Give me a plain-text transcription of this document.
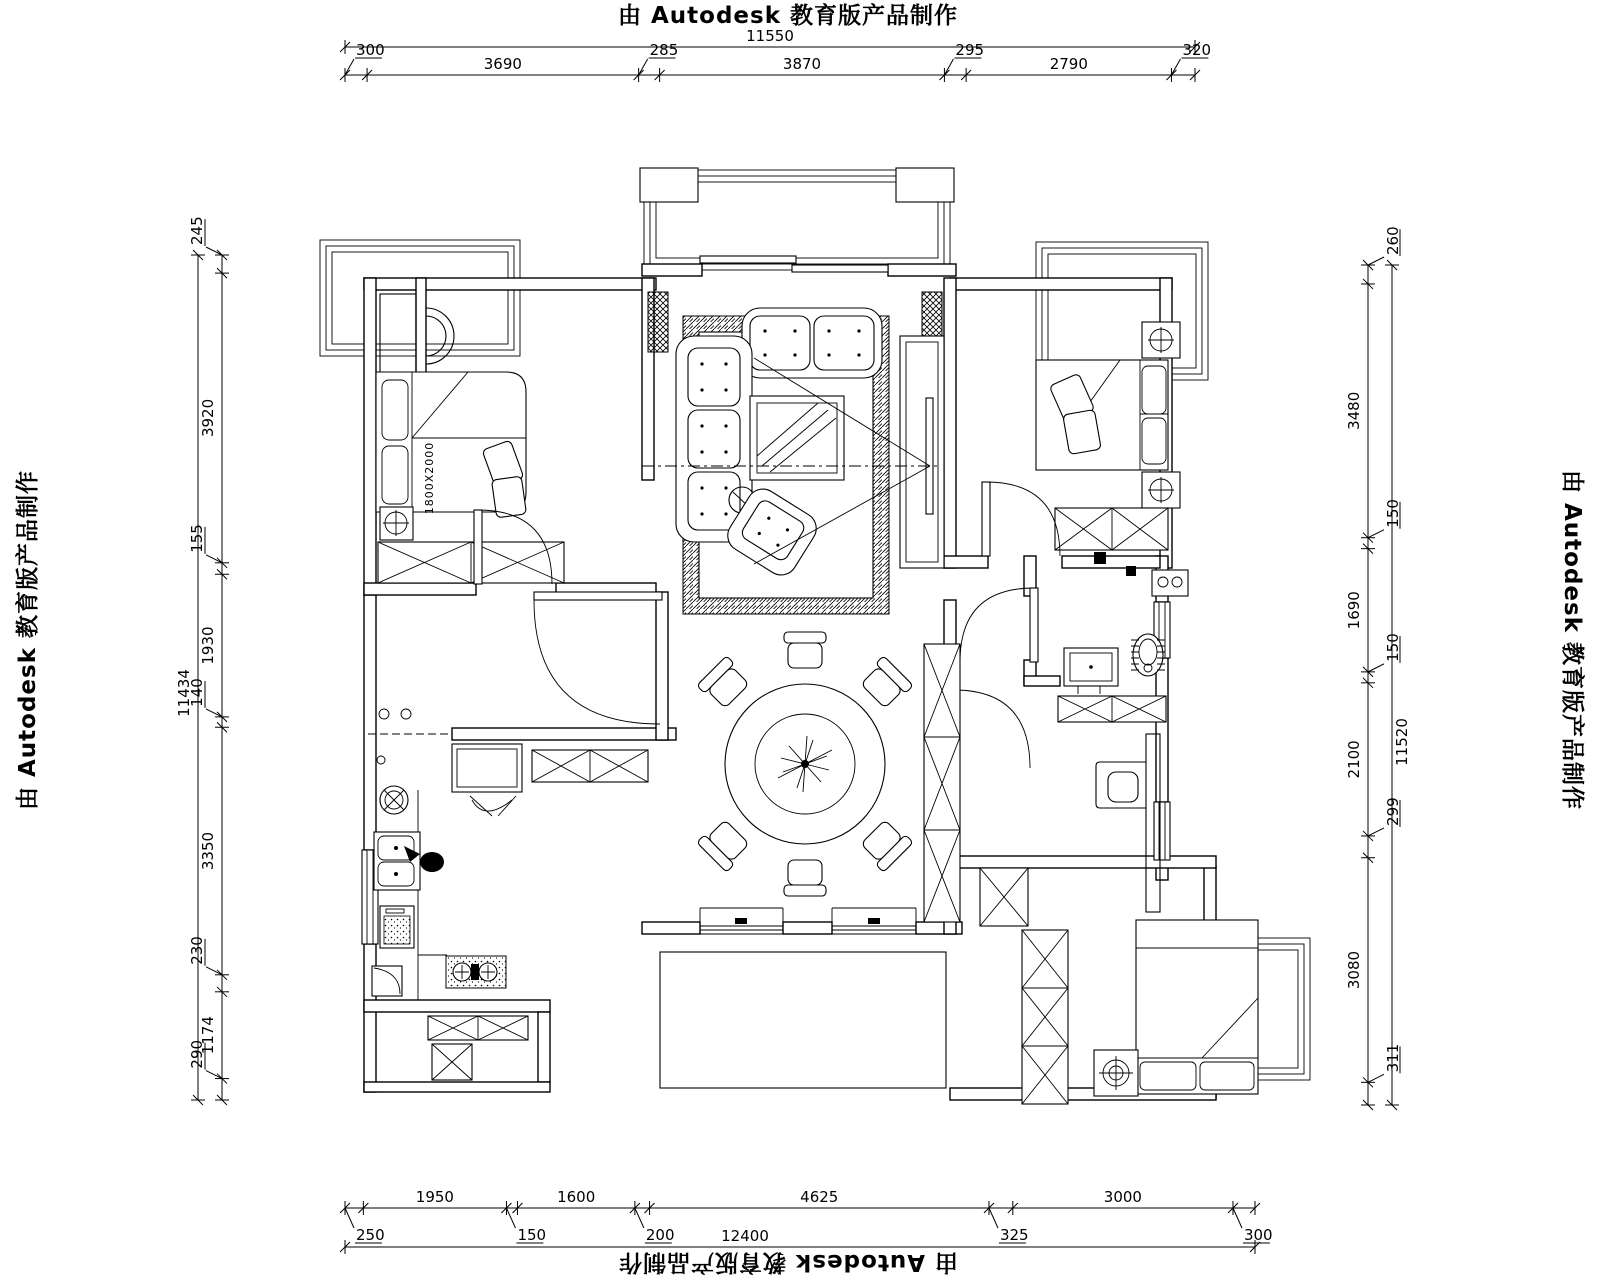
由 Autodesk 教育版产品制作
由 Autodesk 教育版产品制作
由 Autodesk 教育版产品制作	由 Autodesk 教育版产品制作
1800X2000
300
3690
285
3870
295
2790
320
11550
250
1950
150
1600
200
4625
325
3000
300
12400
245
3920
155
1930
140
3350
230
1174
290
11434
260
3480
150
1690
150
2100
299
3080
311
11520
